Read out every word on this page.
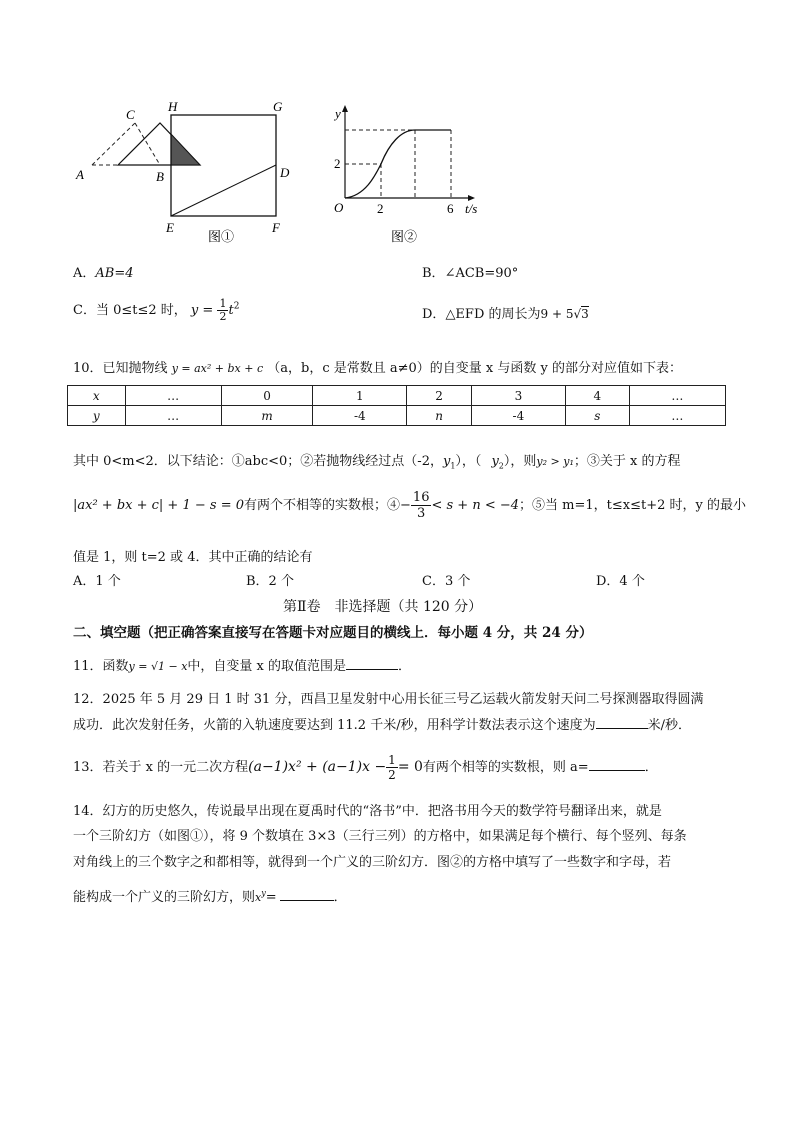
A
C
B
H	G
D
E	F
图①
y
2
O	2	6 t/s
图②
A．AB=4	B．∠ACB=90°
C．当 0≤t≤2 时， $y = \frac{1}{2} t^2$
D．△EFD 的周长为9 + 5√3
10．已知抛物线 y = ax² + bx + c （a，b，c 是常数且 a≠0）的自变量 x 与函数 y 的部分对应值如下表：
x	…	0	1	2	3	4	…
y	…	m	-4	n	-4	s	…
其中 0<m<2．以下结论：①abc<0；②若抛物线经过点（-2，$y_1$），（ $y_2$），则y₂ > y₁；③关于 x 的方程
|ax² + bx + c| + 1 − s = 0有两个不相等的实数根；④− $\frac{16}{3} < s + n < -4$；⑤当 m=1，t≤x≤t+2 时，y 的最小
值是 1，则 t=2 或 4．其中正确的结论有
A．1 个	B．2 个	C．3 个	D．4 个
第Ⅱ卷　非选择题（共 120 分）
二、填空题（把正确答案直接写在答题卡对应题目的横线上．每小题 4 分，共 24 分）
11．函数y = √1 − x中，自变量 x 的取值范围是	．
12．2025 年 5 月 29 日 1 时 31 分，西昌卫星发射中心用长征三号乙运载火箭发射天问二号探测器取得圆满
成功．此次发射任务，火箭的入轨速度要达到 11.2 千米/秒，用科学计数法表示这个速度为	米/秒．
13．若关于 x 的一元二次方程$(a-1)x^2 + (a-1)x - \frac{1}{2} = 0$有两个相等的实数根，则 a=	．
14．幻方的历史悠久，传说最早出现在夏禹时代的“洛书”中．把洛书用今天的数学符号翻译出来，就是
一个三阶幻方（如图①），将 9 个数填在 3×3（三行三列）的方格中，如果满足每个横行、每个竖列、每条
对角线上的三个数字之和都相等，就得到一个广义的三阶幻方．图②的方格中填写了一些数字和字母，若
能构成一个广义的三阶幻方，则$x^y=$	．
